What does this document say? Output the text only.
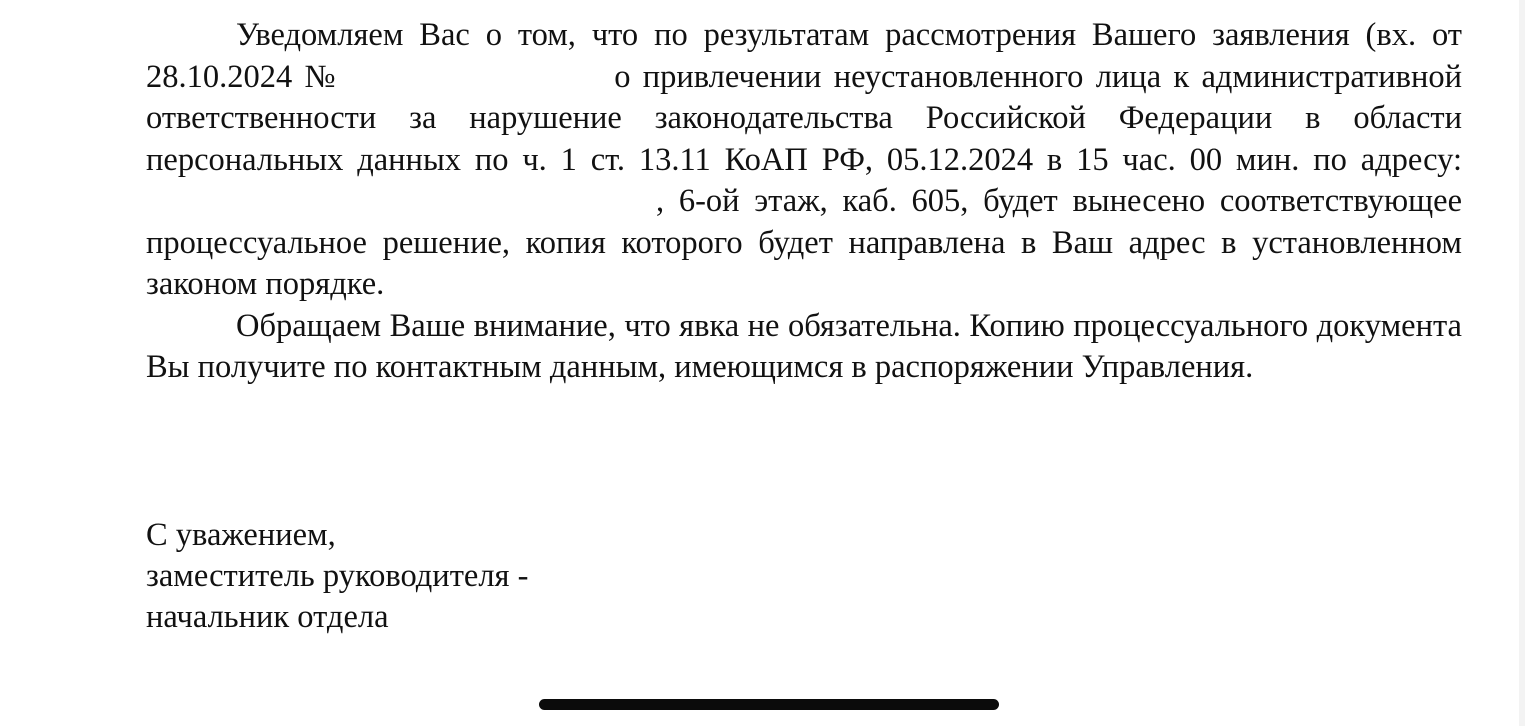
Уведомляем Вас о том, что по результатам рассмотрения Вашего заявления (вх. от 28.10.2024 №	о привлечении неустановленного лица к административной ответственности за нарушение законодательства Российской Федерации в области персональных данных по ч. 1 ст. 13.11 КоАП РФ, 05.12.2024 в 15 час. 00 мин. по адресу: , 6-ой этаж, каб. 605, будет вынесено соответствующее процессуальное решение, копия которого будет направлена в Ваш адрес в установленном законом порядке.

Обращаем Ваше внимание, что явка не обязательна. Копию процессуального документа Вы получите по контактным данным, имеющимся в распоряжении Управления.

С уважением,
заместитель руководителя -
начальник отдела
